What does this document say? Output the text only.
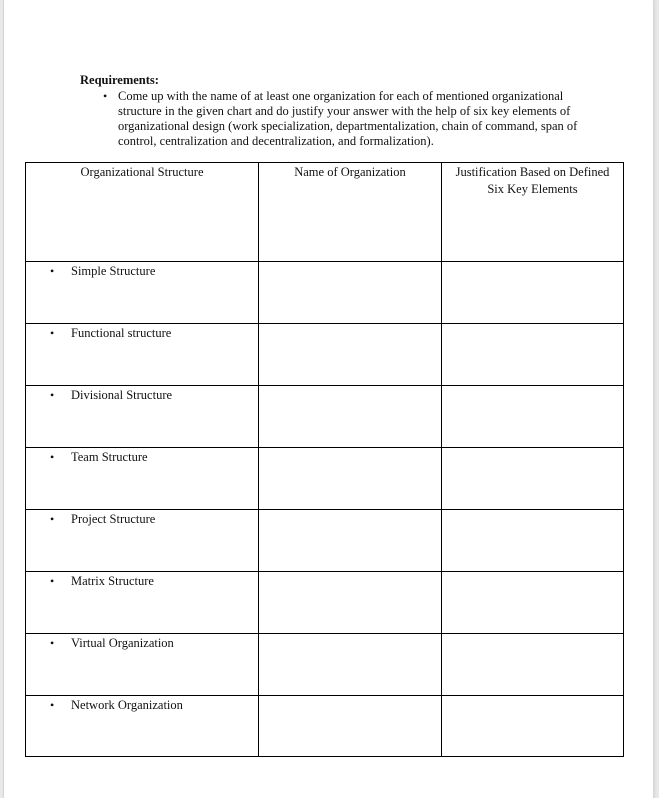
Requirements:

• Come up with the name of at least one organization for each of mentioned organizational structure in the given chart and do justify your answer with the help of six key elements of organizational design (work specialization, departmentalization, chain of command, span of control, centralization and decentralization, and formalization).
Organizational Structure	Name of Organization	Justification Based on Defined Six Key Elements

• Simple Structure		

• Functional structure		

• Divisional Structure		

• Team Structure		

• Project Structure		

• Matrix Structure		

• Virtual Organization		

• Network Organization		
